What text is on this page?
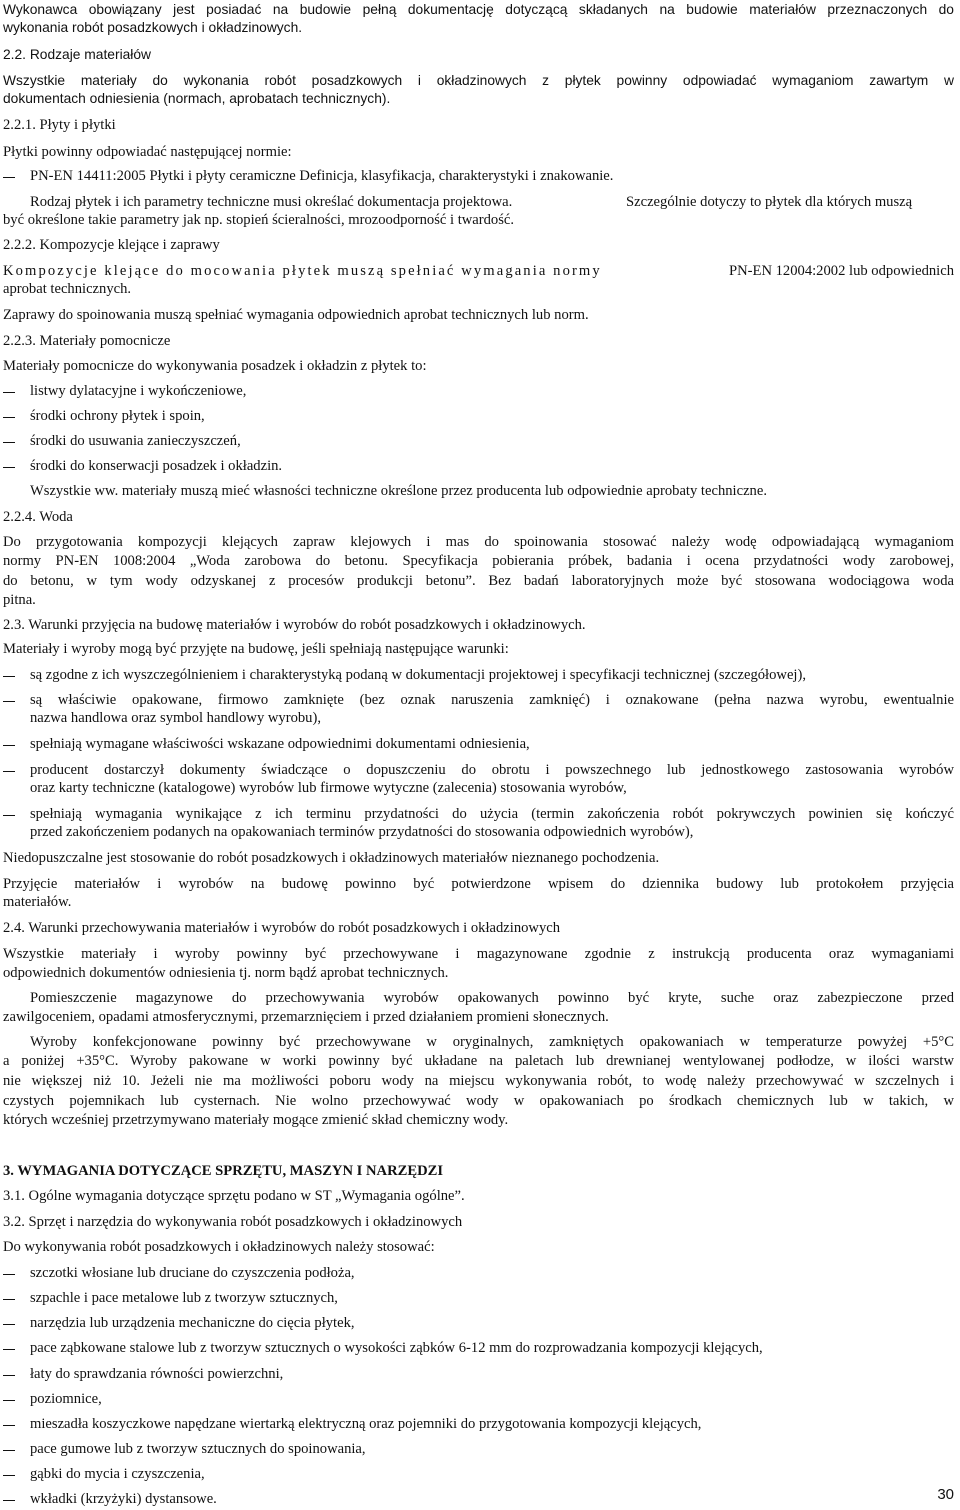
Wykonawca obowiązany jest posiadać na budowie pełną dokumentację dotyczącą składanych na budowie materiałów przeznaczonych do

wykonania robót posadzkowych i okładzinowych.

2.2. Rodzaje materiałów

Wszystkie materiały do wykonania robót posadzkowych i okładzinowych z płytek powinny odpowiadać wymaganiom zawartym w

dokumentach odniesienia (normach, aprobatach technicznych).

2.2.1. Płyty i płytki

Płytki powinny odpowiadać następującej normie:

PN-EN 14411:2005 Płytki i płyty ceramiczne Definicja, klasyfikacja, charakterystyki i znakowanie.

Rodzaj płytek i ich parametry techniczne musi określać dokumentacja projektowa.	Szczególnie dotyczy to płytek dla których muszą

być określone takie parametry jak np. stopień ścieralności, mrozoodporność i twardość.

2.2.2. Kompozycje klejące i zaprawy

Kompozycje klejące do mocowania płytek muszą spełniać wymagania normy	PN-EN 12004:2002 lub odpowiednich

aprobat technicznych.

Zaprawy do spoinowania muszą spełniać wymagania odpowiednich aprobat technicznych lub norm.

2.2.3. Materiały pomocnicze

Materiały pomocnicze do wykonywania posadzek i okładzin z płytek to:

listwy dylatacyjne i wykończeniowe,

środki ochrony płytek i spoin,

środki do usuwania zanieczyszczeń,

środki do konserwacji posadzek i okładzin.

Wszystkie ww. materiały muszą mieć własności techniczne określone przez producenta lub odpowiednie aprobaty techniczne.

2.2.4. Woda

Do przygotowania kompozycji klejących zapraw klejowych i mas do spoinowania stosować należy wodę odpowiadającą wymaganiom

normy PN-EN 1008:2004 „Woda zarobowa do betonu. Specyfikacja pobierania próbek, badania i ocena przydatności wody zarobowej,

do betonu, w tym wody odzyskanej z procesów produkcji betonu”. Bez badań laboratoryjnych może być stosowana wodociągowa woda

pitna.

2.3. Warunki przyjęcia na budowę materiałów i wyrobów do robót posadzkowych i okładzinowych.

Materiały i wyroby mogą być przyjęte na budowę, jeśli spełniają następujące warunki:

są zgodne z ich wyszczególnieniem i charakterystyką podaną w dokumentacji projektowej i specyfikacji technicznej (szczegółowej),

są właściwie opakowane, firmowo zamknięte (bez oznak naruszenia zamknięć) i oznakowane (pełna nazwa wyrobu, ewentualnie

nazwa handlowa oraz symbol handlowy wyrobu),

spełniają wymagane właściwości wskazane odpowiednimi dokumentami odniesienia,

producent dostarczył dokumenty świadczące o dopuszczeniu do obrotu i powszechnego lub jednostkowego zastosowania wyrobów

oraz karty techniczne (katalogowe) wyrobów lub firmowe wytyczne (zalecenia) stosowania wyrobów,

spełniają wymagania wynikające z ich terminu przydatności do użycia (termin zakończenia robót pokrywczych powinien się kończyć

przed zakończeniem podanych na opakowaniach terminów przydatności do stosowania odpowiednich wyrobów),

Niedopuszczalne jest stosowanie do robót posadzkowych i okładzinowych materiałów nieznanego pochodzenia.

Przyjęcie materiałów i wyrobów na budowę powinno być potwierdzone wpisem do dziennika budowy lub protokołem przyjęcia

materiałów.

2.4. Warunki przechowywania materiałów i wyrobów do robót posadzkowych i okładzinowych

Wszystkie materiały i wyroby powinny być przechowywane i magazynowane zgodnie z instrukcją producenta oraz wymaganiami

odpowiednich dokumentów odniesienia tj. norm bądź aprobat technicznych.

Pomieszczenie magazynowe do przechowywania wyrobów opakowanych powinno być kryte, suche oraz zabezpieczone przed

zawilgoceniem, opadami atmosferycznymi, przemarznięciem i przed działaniem promieni słonecznych.

Wyroby konfekcjonowane powinny być przechowywane w oryginalnych, zamkniętych opakowaniach w temperaturze powyżej +5°C

a poniżej +35°C. Wyroby pakowane w worki powinny być układane na paletach lub drewnianej wentylowanej podłodze, w ilości warstw

nie większej niż 10. Jeżeli nie ma możliwości poboru wody na miejscu wykonywania robót, to wodę należy przechowywać w szczelnych i

czystych pojemnikach lub cysternach. Nie wolno przechowywać wody w opakowaniach po środkach chemicznych lub w takich, w

których wcześniej przetrzymywano materiały mogące zmienić skład chemiczny wody.

3. WYMAGANIA DOTYCZĄCE SPRZĘTU, MASZYN I NARZĘDZI

3.1. Ogólne wymagania dotyczące sprzętu podano w ST „Wymagania ogólne”.

3.2. Sprzęt i narzędzia do wykonywania robót posadzkowych i okładzinowych

Do wykonywania robót posadzkowych i okładzinowych należy stosować:

szczotki włosiane lub druciane do czyszczenia podłoża,

szpachle i pace metalowe lub z tworzyw sztucznych,

narzędzia lub urządzenia mechaniczne do cięcia płytek,

pace ząbkowane stalowe lub z tworzyw sztucznych o wysokości ząbków 6-12 mm do rozprowadzania kompozycji klejących,

łaty do sprawdzania równości powierzchni,

poziomnice,

mieszadła koszyczkowe napędzane wiertarką elektryczną oraz pojemniki do przygotowania kompozycji klejących,

pace gumowe lub z tworzyw sztucznych do spoinowania,

gąbki do mycia i czyszczenia,

wkładki (krzyżyki) dystansowe.	30
